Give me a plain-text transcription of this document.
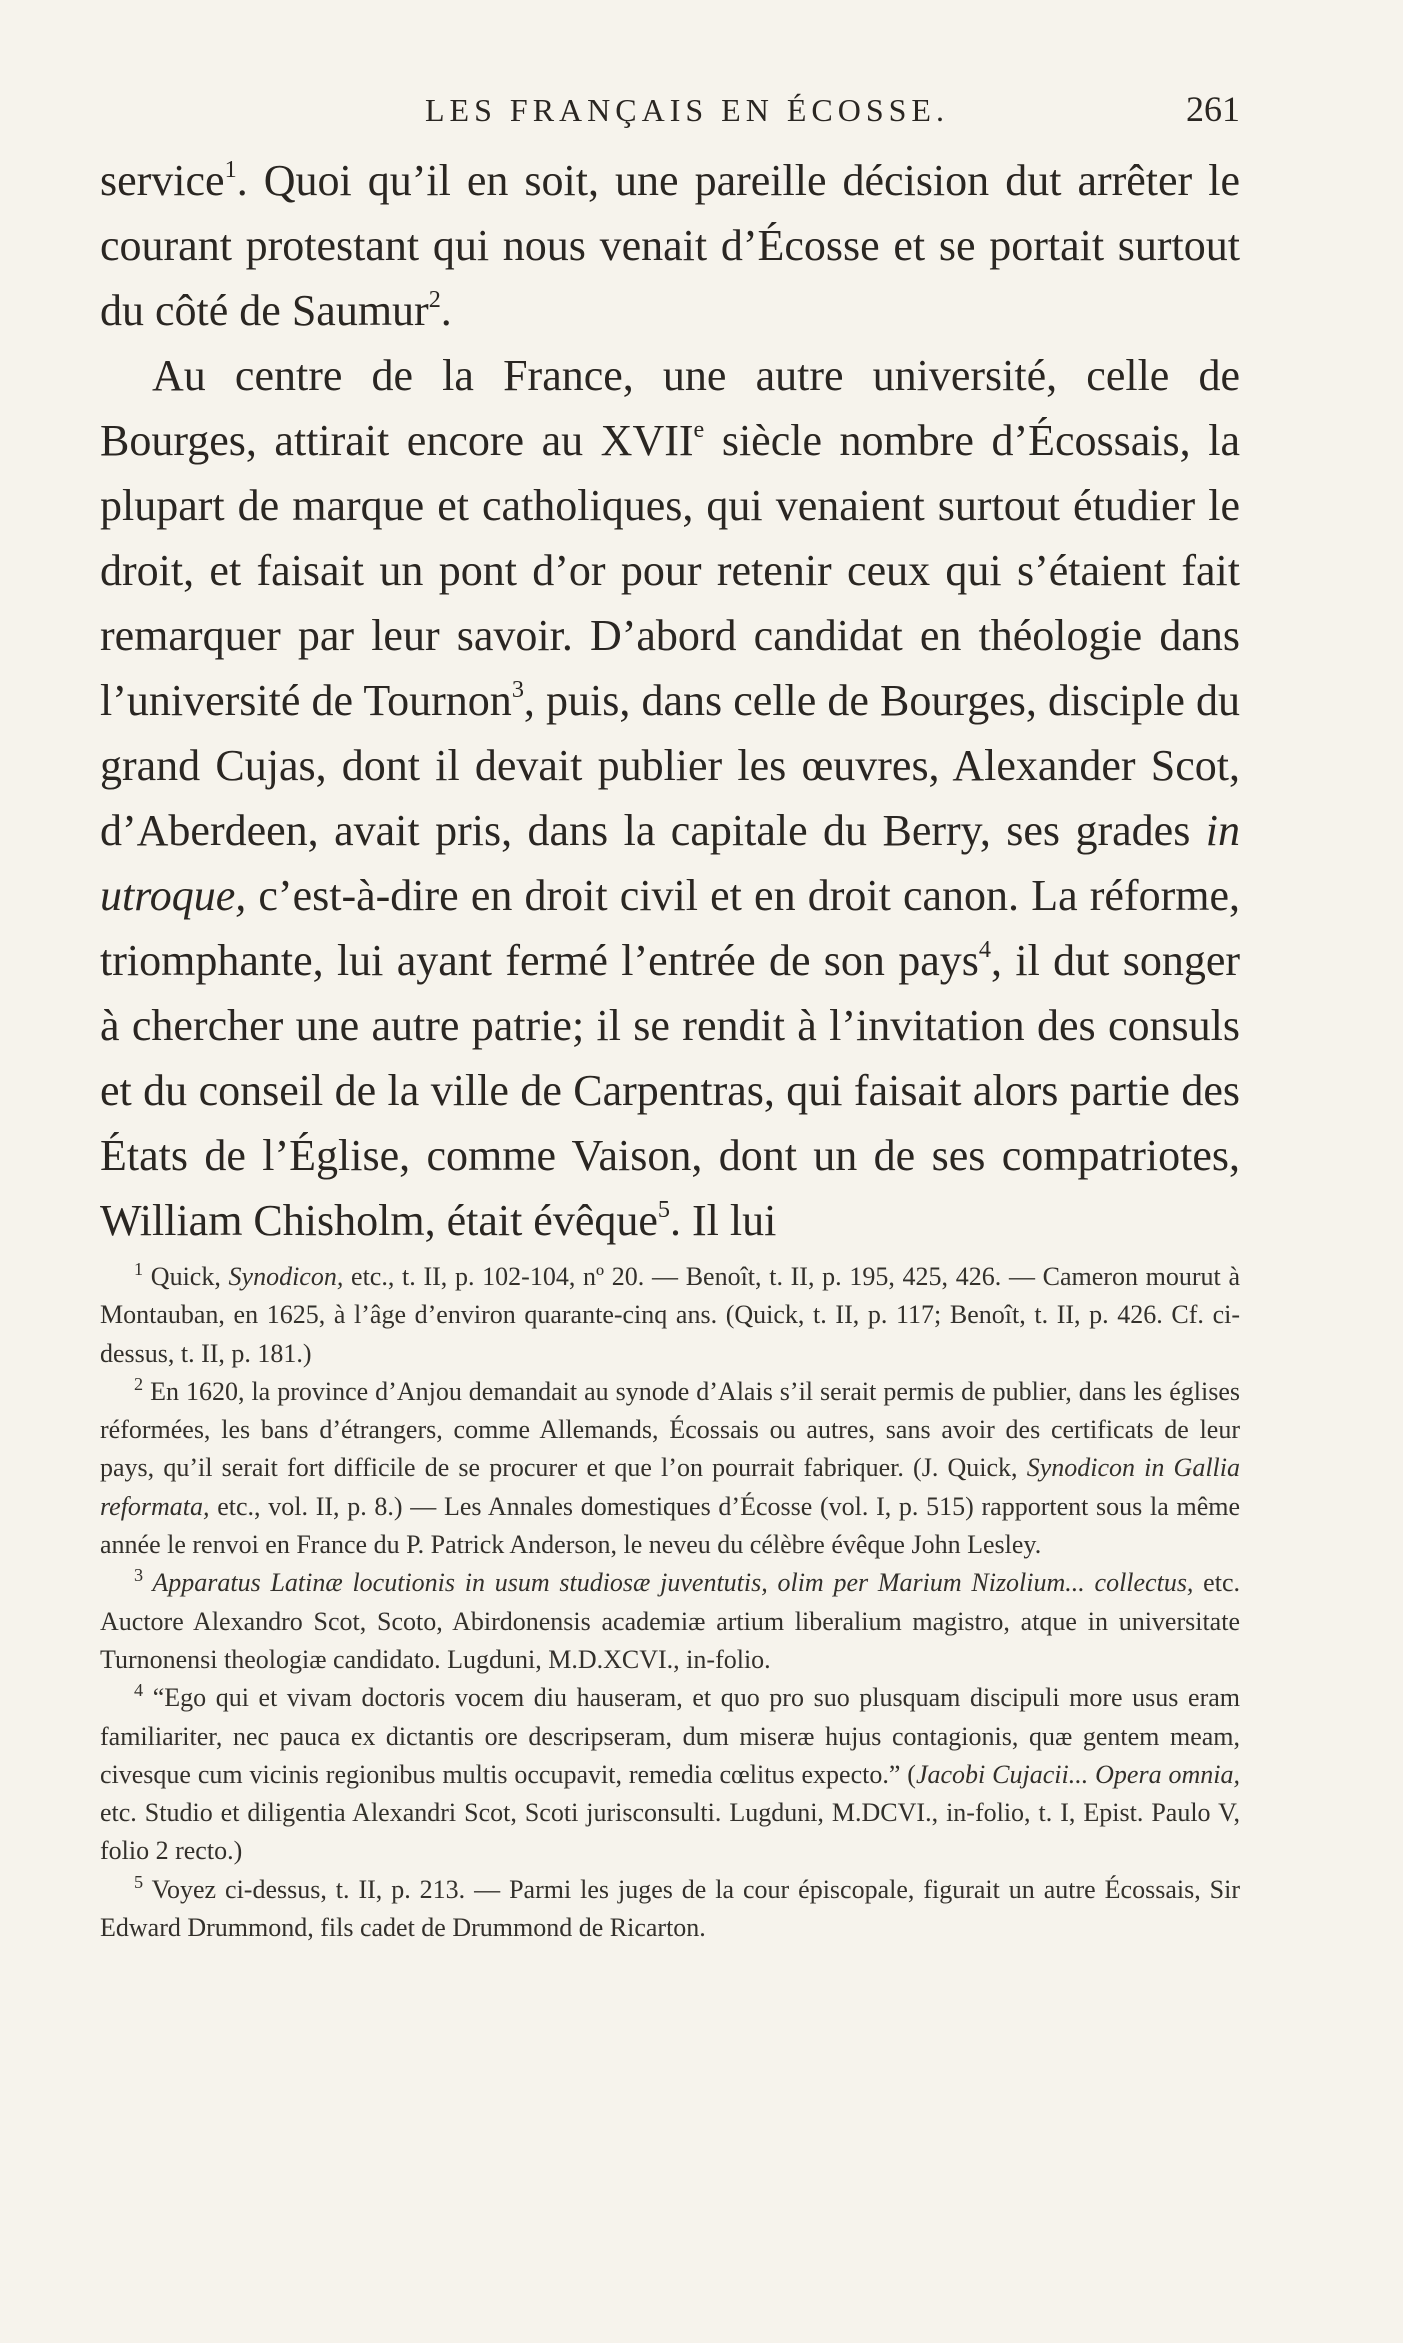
LES FRANÇAIS EN ÉCOSSE.	261

service$^1$. Quoi qu’il en soit, une pareille décision dut arrêter le courant protestant qui nous venait d’Écosse et se portait surtout du côté de Saumur$^2$.

Au centre de la France, une autre université, celle de Bourges, attirait encore au XVIIe siècle nombre d’Écossais, la plupart de marque et catholiques, qui venaient surtout étudier le droit, et faisait un pont d’or pour retenir ceux qui s’étaient fait remarquer par leur savoir. D’abord candidat en théologie dans l’université de Tournon$^3$, puis, dans celle de Bourges, disciple du grand Cujas, dont il devait publier les œuvres, Alexander Scot, d’Aberdeen, avait pris, dans la capitale du Berry, ses grades in utroque, c’est-à-dire en droit civil et en droit canon. La réforme, triomphante, lui ayant fermé l’entrée de son pays$^4$, il dut songer à chercher une autre patrie; il se rendit à l’invitation des consuls et du conseil de la ville de Carpentras, qui faisait alors partie des États de l’Église, comme Vaison, dont un de ses compatriotes, William Chisholm, était évêque$^5$. Il lui

$^1$ Quick, Synodicon, etc., t. II, p. 102-104, nº 20. — Benoît, t. II, p. 195, 425, 426. — Cameron mourut à Montauban, en 1625, à l’âge d’environ quarante-cinq ans. (Quick, t. II, p. 117; Benoît, t. II, p. 426. Cf. ci-dessus, t. II, p. 181.)

$^2$ En 1620, la province d’Anjou demandait au synode d’Alais s’il serait permis de publier, dans les églises réformées, les bans d’étrangers, comme Allemands, Écossais ou autres, sans avoir des certificats de leur pays, qu’il serait fort difficile de se procurer et que l’on pourrait fabriquer. (J. Quick, Synodicon in Gallia reformata, etc., vol. II, p. 8.) — Les Annales domestiques d’Écosse (vol. I, p. 515) rapportent sous la même année le renvoi en France du P. Patrick Anderson, le neveu du célèbre évêque John Lesley.

$^3$ Apparatus Latinæ locutionis in usum studiosæ juventutis, olim per Marium Nizolium... collectus, etc. Auctore Alexandro Scot, Scoto, Abirdonensis academiæ artium liberalium magistro, atque in universitate Turnonensi theologiæ candidato. Lugduni, M.D.XCVI., in-folio.

$^4$ “Ego qui et vivam doctoris vocem diu hauseram, et quo pro suo plusquam discipuli more usus eram familiariter, nec pauca ex dictantis ore descripseram, dum miseræ hujus contagionis, quæ gentem meam, civesque cum vicinis regionibus multis occupavit, remedia cœlitus expecto.” (Jacobi Cujacii... Opera omnia, etc. Studio et diligentia Alexandri Scot, Scoti jurisconsulti. Lugduni, M.DCVI., in-folio, t. I, Epist. Paulo V, folio 2 recto.)

$^5$ Voyez ci-dessus, t. II, p. 213. — Parmi les juges de la cour épiscopale, figurait un autre Écossais, Sir Edward Drummond, fils cadet de Drummond de Ricarton.
